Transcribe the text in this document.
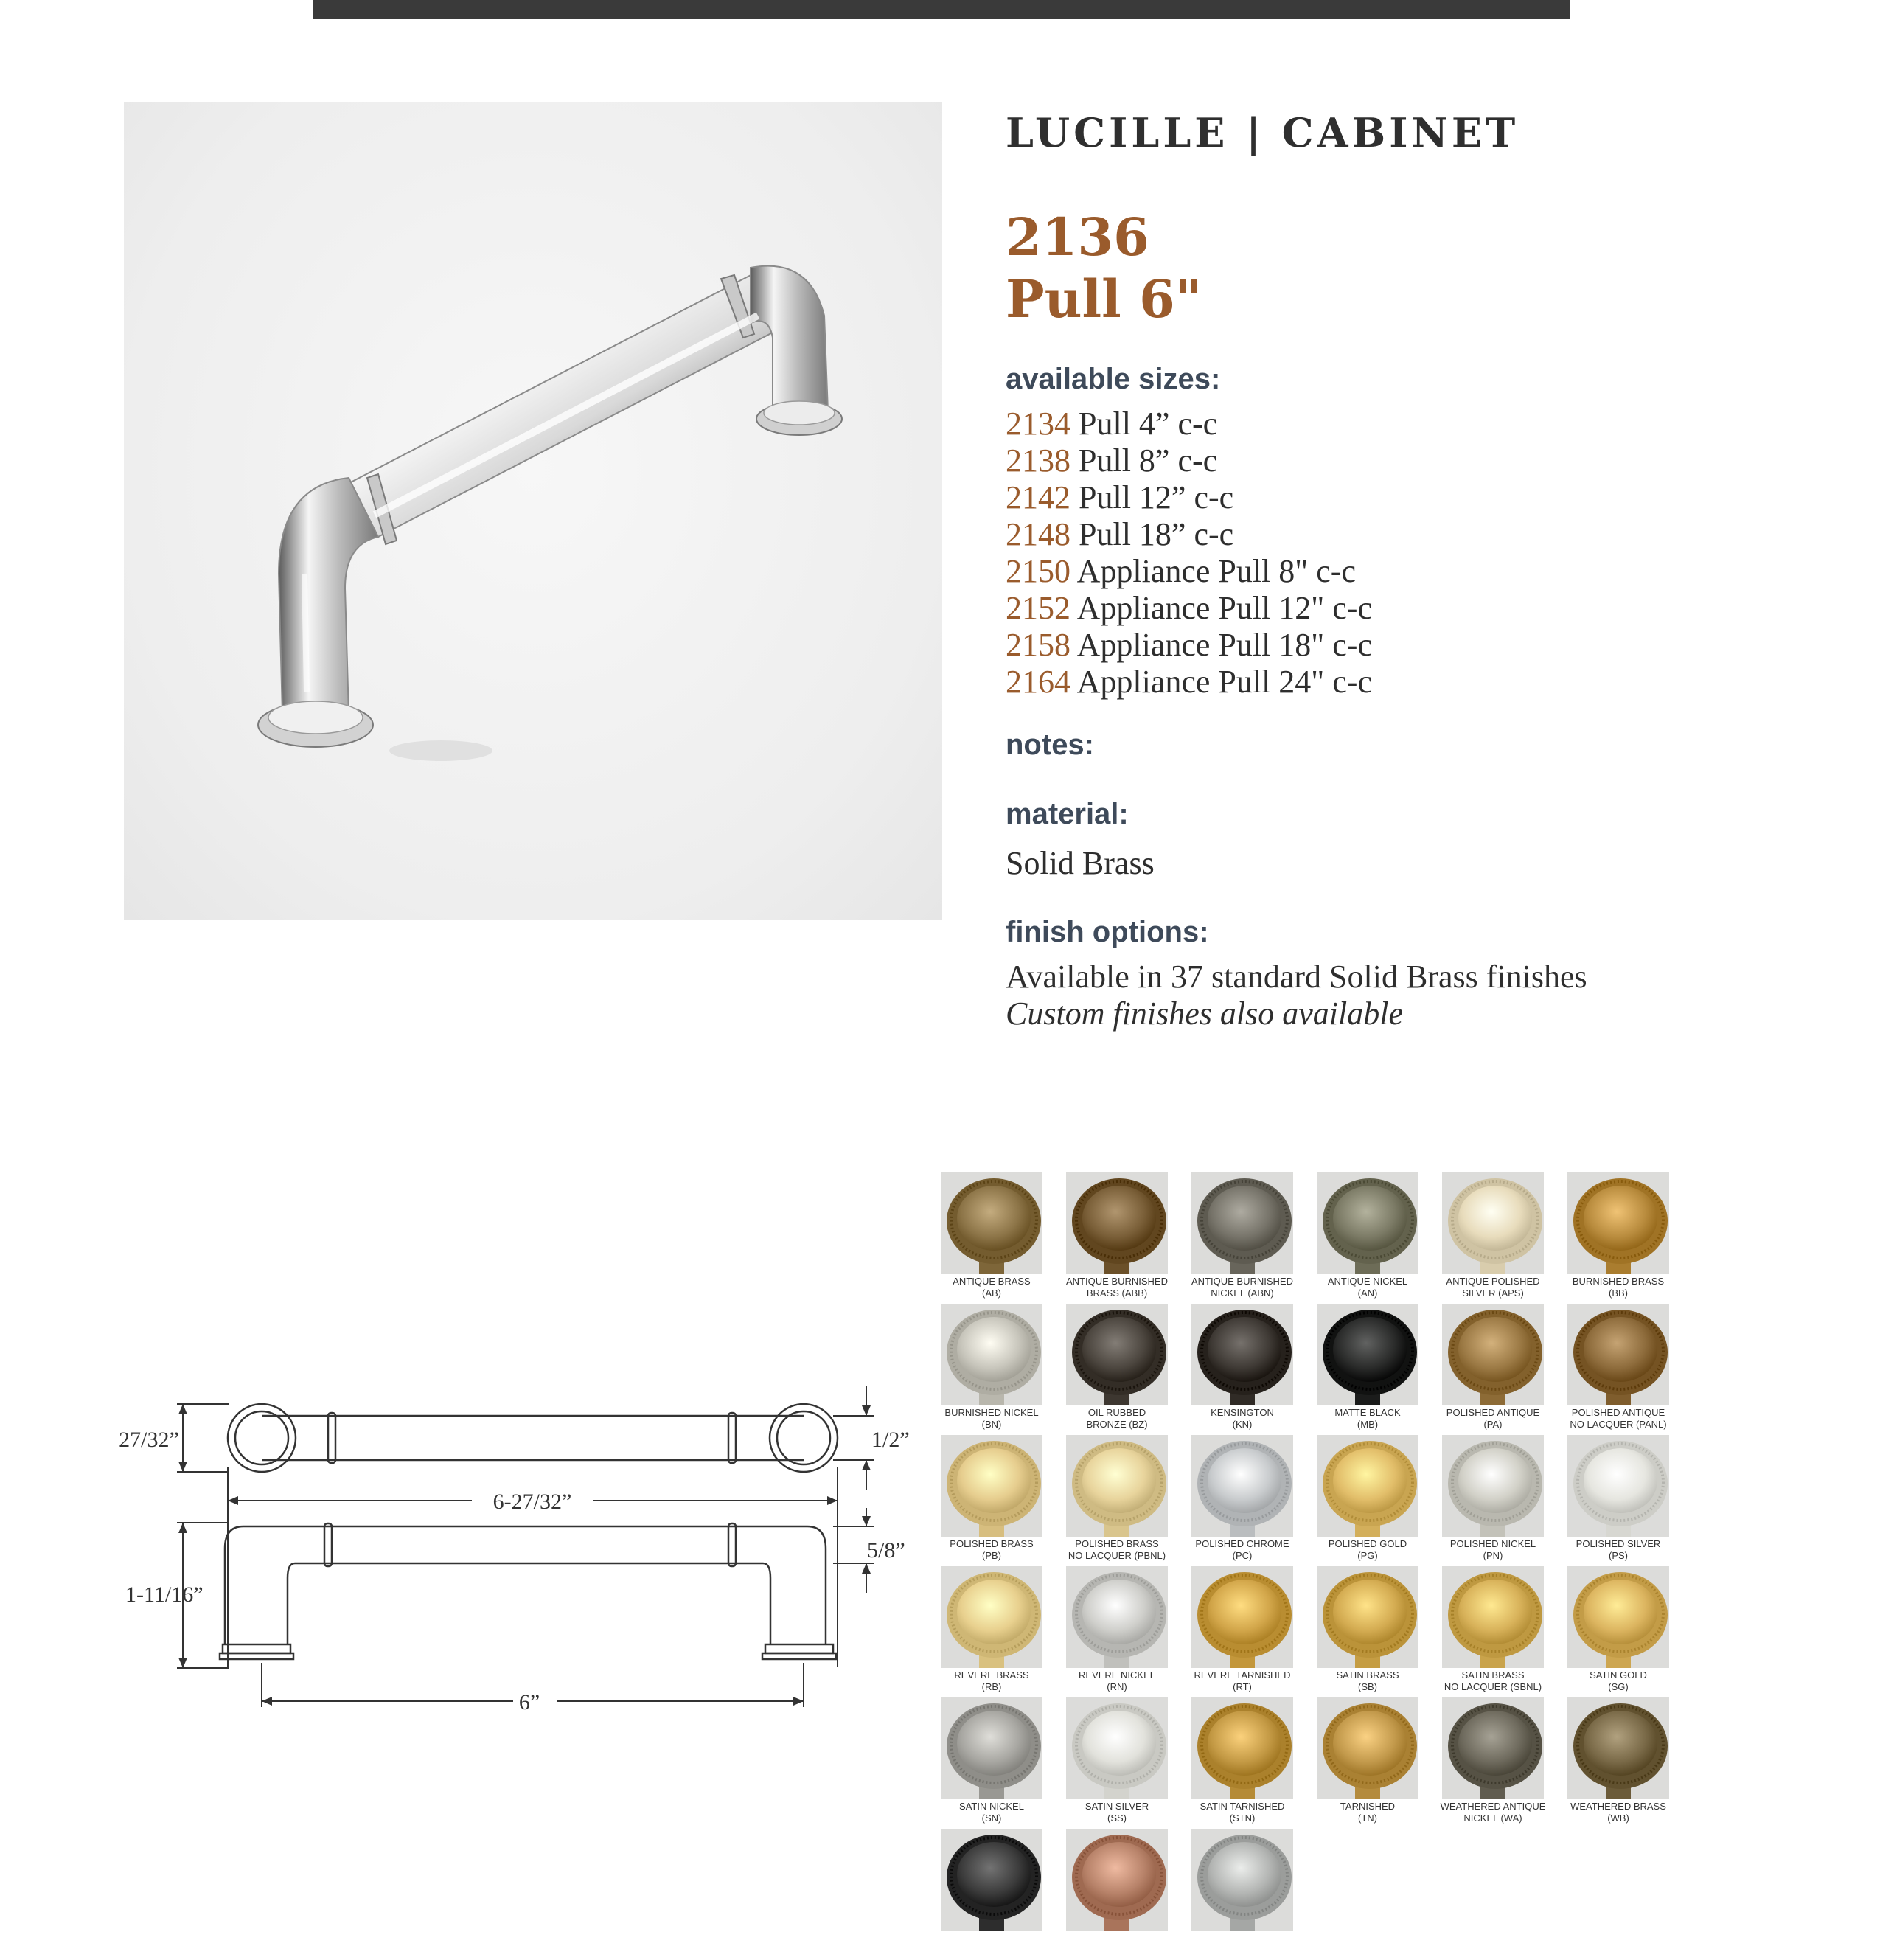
LUCILLE | CABINET
2136
Pull 6"
available sizes:
2134 Pull 4” c-c
2138 Pull 8” c-c
2142 Pull 12” c-c
2148 Pull 18” c-c
2150 Appliance Pull 8" c-c
2152 Appliance Pull 12" c-c
2158 Appliance Pull 18" c-c
2164 Appliance Pull 24" c-c
notes:
material:
Solid Brass
finish options:
Available in 37 standard Solid Brass finishes
Custom finishes also available
27/32”
6-27/32”
1-11/16”
6”
1/2”
5/8”
ANTIQUE BRASS
(AB)
ANTIQUE BURNISHED
BRASS (ABB)
ANTIQUE BURNISHED
NICKEL (ABN)
ANTIQUE NICKEL
(AN)
ANTIQUE POLISHED
SILVER (APS)
BURNISHED BRASS
(BB)
BURNISHED NICKEL
(BN)
OIL RUBBED
BRONZE (BZ)
KENSINGTON
(KN)
MATTE BLACK
(MB)
POLISHED ANTIQUE
(PA)
POLISHED ANTIQUE
NO LACQUER (PANL)
POLISHED BRASS
(PB)
POLISHED BRASS
NO LACQUER (PBNL)
POLISHED CHROME
(PC)
POLISHED GOLD
(PG)
POLISHED NICKEL
(PN)
POLISHED SILVER
(PS)
REVERE BRASS
(RB)
REVERE NICKEL
(RN)
REVERE TARNISHED
(RT)
SATIN BRASS
(SB)
SATIN BRASS
NO LACQUER (SBNL)
SATIN GOLD
(SG)
SATIN NICKEL
(SN)
SATIN SILVER
(SS)
SATIN TARNISHED
(STN)
TARNISHED
(TN)
WEATHERED ANTIQUE
NICKEL (WA)
WEATHERED BRASS
(WB)
